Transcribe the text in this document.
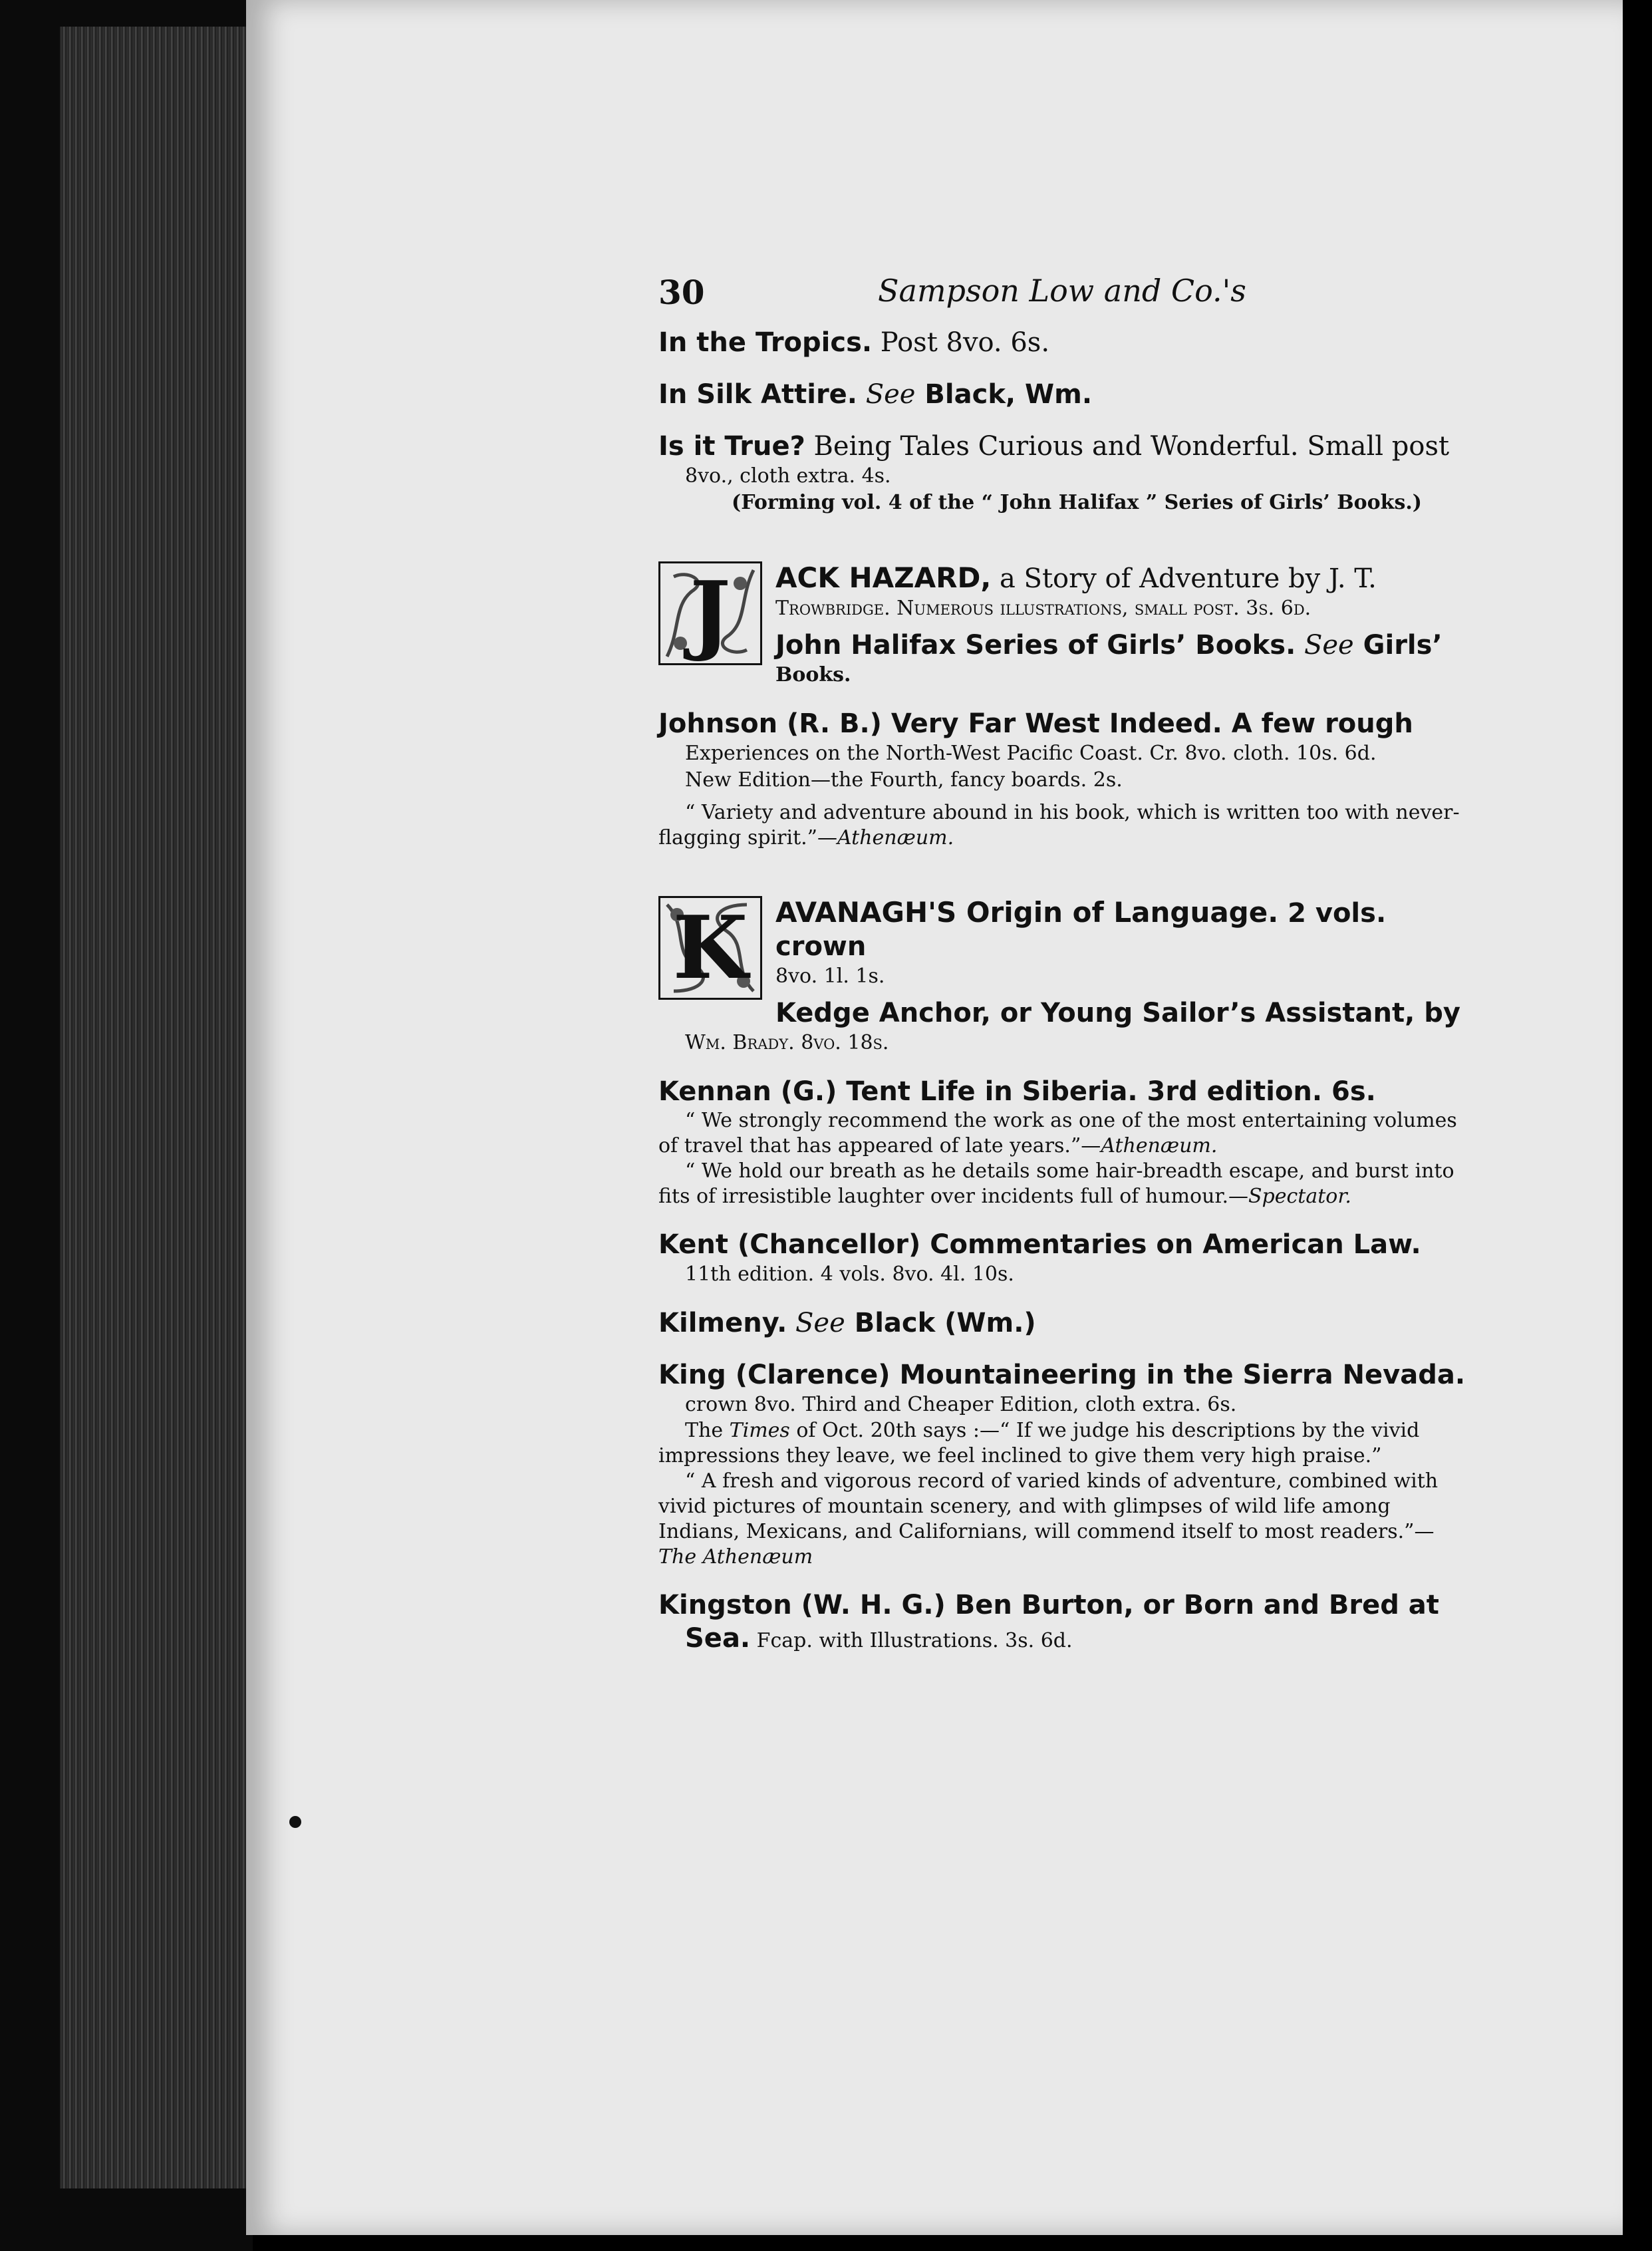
30	Sampson Low and Co.'s
In the Tropics. Post 8vo. 6s.
In Silk Attire. See Black, Wm.
Is it True? Being Tales Curious and Wonderful. Small post
8vo., cloth extra. 4s.
(Forming vol. 4 of the “ John Halifax ” Series of Girls’ Books.)
J	ACK HAZARD, a Story of Adventure by J. T.
Trowbridge. Numerous illustrations, small post. 3s. 6d.
John Halifax Series of Girls’ Books. See Girls’
Books.
Johnson (R. B.) Very Far West Indeed. A few rough
Experiences on the North-West Pacific Coast. Cr. 8vo. cloth. 10s. 6d.
New Edition—the Fourth, fancy boards. 2s.
“ Variety and adventure abound in his book, which is written too with never-flagging spirit.”—Athenæum.
K AVANAGH'S Origin of Language. 2 vols. crown
8vo. 1l. 1s.
Kedge Anchor, or Young Sailor’s Assistant, by
Wm. Brady. 8vo. 18s.
Kennan (G.) Tent Life in Siberia. 3rd edition. 6s.
“ We strongly recommend the work as one of the most entertaining volumes of travel that has appeared of late years.”—Athenæum.
“ We hold our breath as he details some hair-breadth escape, and burst into fits of irresistible laughter over incidents full of humour.—Spectator.
Kent (Chancellor) Commentaries on American Law.
11th edition. 4 vols. 8vo. 4l. 10s.
Kilmeny. See Black (Wm.)
King (Clarence) Mountaineering in the Sierra Nevada.
crown 8vo. Third and Cheaper Edition, cloth extra. 6s.
The Times of Oct. 20th says :—“ If we judge his descriptions by the vivid impressions they leave, we feel inclined to give them very high praise.”
“ A fresh and vigorous record of varied kinds of adventure, combined with vivid pictures of mountain scenery, and with glimpses of wild life among Indians, Mexicans, and Californians, will commend itself to most readers.”—The Athenæum
Kingston (W. H. G.) Ben Burton, or Born and Bred at
Sea. Fcap. with Illustrations. 3s. 6d.
